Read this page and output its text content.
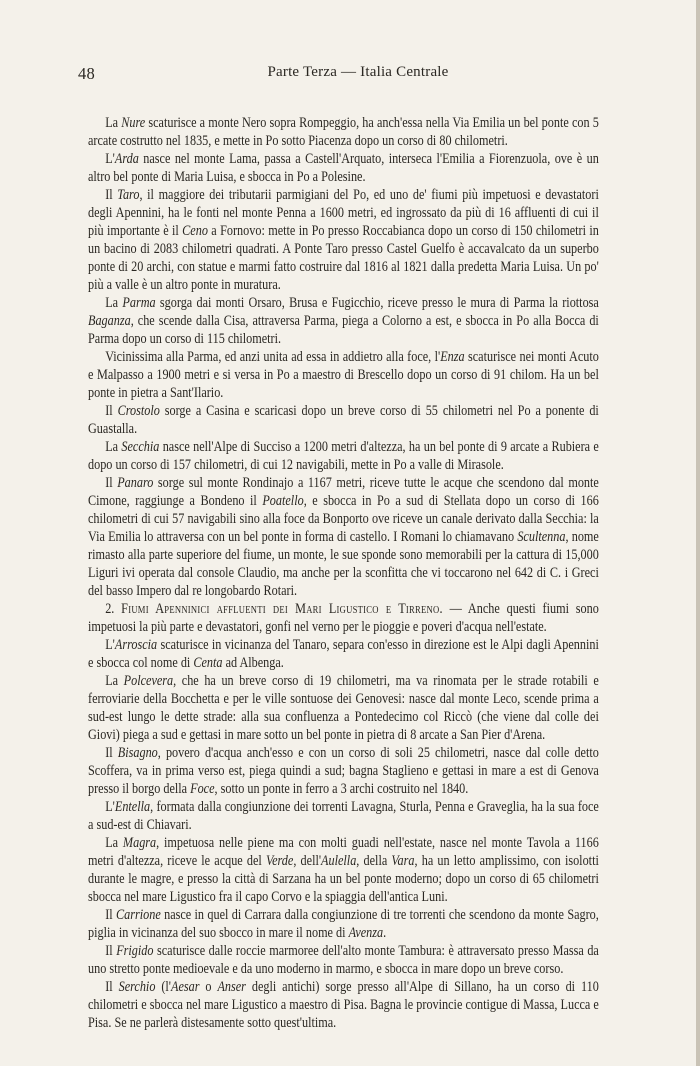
48	Parte Terza — Italia Centrale

La Nure scaturisce a monte Nero sopra Rompeggio, ha anch'essa nella Via Emilia un bel ponte con 5 arcate costrutto nel 1835, e mette in Po sotto Piacenza dopo un corso di 80 chilometri.

L'Arda nasce nel monte Lama, passa a Castell'Arquato, interseca l'Emilia a Fiorenzuola, ove è un altro bel ponte di Maria Luisa, e sbocca in Po a Polesine.

Il Taro, il maggiore dei tributarii parmigiani del Po, ed uno de' fiumi più impetuosi e devastatori degli Apennini, ha le fonti nel monte Penna a 1600 metri, ed ingrossato da più di 16 affluenti di cui il più importante è il Ceno a Fornovo: mette in Po presso Roccabianca dopo un corso di 150 chilometri in un bacino di 2083 chilometri quadrati. A Ponte Taro presso Castel Guelfo è accavalcato da un superbo ponte di 20 archi, con statue e marmi fatto costruire dal 1816 al 1821 dalla predetta Maria Luisa. Un po' più a valle è un altro ponte in muratura.

La Parma sgorga dai monti Orsaro, Brusa e Fugicchio, riceve presso le mura di Parma la riottosa Baganza, che scende dalla Cisa, attraversa Parma, piega a Colorno a est, e sbocca in Po alla Bocca di Parma dopo un corso di 115 chilometri.

Vicinissima alla Parma, ed anzi unita ad essa in addietro alla foce, l'Enza scaturisce nei monti Acuto e Malpasso a 1900 metri e si versa in Po a maestro di Brescello dopo un corso di 91 chilom. Ha un bel ponte in pietra a Sant'Ilario.

Il Crostolo sorge a Casina e scaricasi dopo un breve corso di 55 chilometri nel Po a ponente di Guastalla.

La Secchia nasce nell'Alpe di Succiso a 1200 metri d'altezza, ha un bel ponte di 9 arcate a Rubiera e dopo un corso di 157 chilometri, di cui 12 navigabili, mette in Po a valle di Mirasole.

Il Panaro sorge sul monte Rondinajo a 1167 metri, riceve tutte le acque che scendono dal monte Cimone, raggiunge a Bondeno il Poatello, e sbocca in Po a sud di Stellata dopo un corso di 166 chilometri di cui 57 navigabili sino alla foce da Bonporto ove riceve un canale derivato dalla Secchia: la Via Emilia lo attraversa con un bel ponte in forma di castello. I Romani lo chiamavano Scultenna, nome rimasto alla parte superiore del fiume, un monte, le sue sponde sono memorabili per la cattura di 15,000 Liguri ivi operata dal console Claudio, ma anche per la sconfitta che vi toccarono nel 642 di C. i Greci del basso Impero dal re longobardo Rotari.

2. Fiumi Apenninici affluenti dei Mari Ligustico e Tirreno. — Anche questi fiumi sono impetuosi la più parte e devastatori, gonfi nel verno per le pioggie e poveri d'acqua nell'estate.

L'Arroscia scaturisce in vicinanza del Tanaro, separa con'esso in direzione est le Alpi dagli Apennini e sbocca col nome di Centa ad Albenga.

La Polcevera, che ha un breve corso di 19 chilometri, ma va rinomata per le strade rotabili e ferroviarie della Bocchetta e per le ville sontuose dei Genovesi: nasce dal monte Leco, scende prima a sud-est lungo le dette strade: alla sua confluenza a Pontedecimo col Riccò (che viene dal colle dei Giovi) piega a sud e gettasi in mare sotto un bel ponte in pietra di 8 arcate a San Pier d'Arena.

Il Bisagno, povero d'acqua anch'esso e con un corso di soli 25 chilometri, nasce dal colle detto Scoffera, va in prima verso est, piega quindi a sud; bagna Staglieno e gettasi in mare a est di Genova presso il borgo della Foce, sotto un ponte in ferro a 3 archi costruito nel 1840.

L'Entella, formata dalla congiunzione dei torrenti Lavagna, Sturla, Penna e Graveglia, ha la sua foce a sud-est di Chiavari.

La Magra, impetuosa nelle piene ma con molti guadi nell'estate, nasce nel monte Tavola a 1166 metri d'altezza, riceve le acque del Verde, dell'Aulella, della Vara, ha un letto amplissimo, con isolotti durante le magre, e presso la città di Sarzana ha un bel ponte moderno; dopo un corso di 65 chilometri sbocca nel mare Ligustico fra il capo Corvo e la spiaggia dell'antica Luni.

Il Carrione nasce in quel di Carrara dalla congiunzione di tre torrenti che scendono da monte Sagro, piglia in vicinanza del suo sbocco in mare il nome di Avenza.

Il Frigido scaturisce dalle roccie marmoree dell'alto monte Tambura: è attraversato presso Massa da uno stretto ponte medioevale e da uno moderno in marmo, e sbocca in mare dopo un breve corso.

Il Serchio (l'Aesar o Anser degli antichi) sorge presso all'Alpe di Sillano, ha un corso di 110 chilometri e sbocca nel mare Ligustico a maestro di Pisa. Bagna le provincie contigue di Massa, Lucca e Pisa. Se ne parlerà distesamente sotto quest'ultima.
